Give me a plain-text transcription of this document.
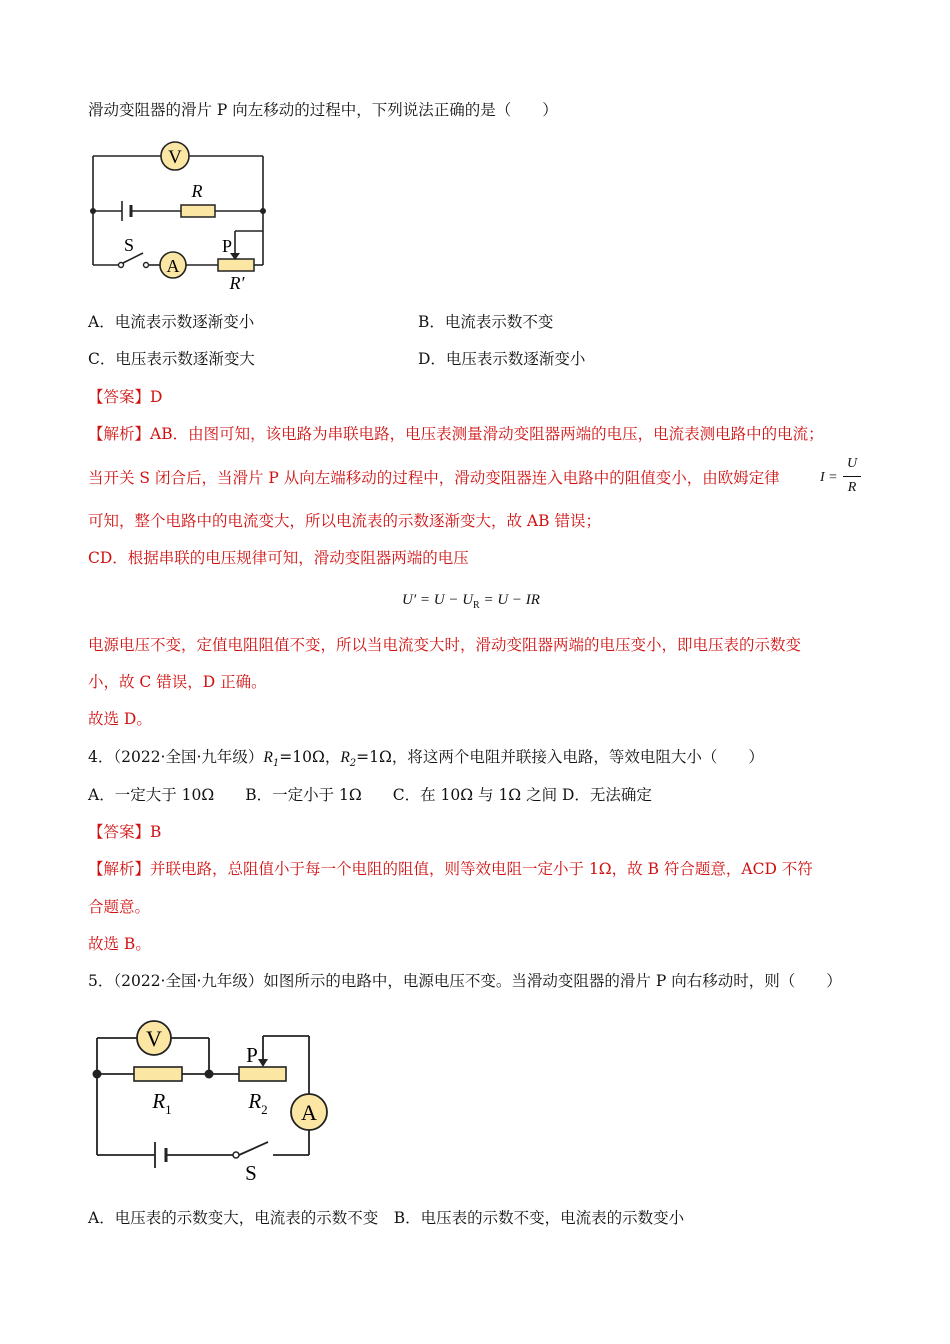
滑动变阻器的滑片 P 向左移动的过程中，下列说法正确的是（　　）
V
A
R
R′
S	P
A．电流表示数逐渐变小	B．电流表示数不变
C．电压表示数逐渐变大	D．电压表示数逐渐变小
【答案】D
【解析】AB．由图可知，该电路为串联电路，电压表测量滑动变阻器两端的电压，电流表测电路中的电流；
当开关 S 闭合后，当滑片 P 从向左端移动的过程中，滑动变阻器连入电路中的阻值变小，由欧姆定律	I =
U
R
可知，整个电路中的电流变大，所以电流表的示数逐渐变大，故 AB 错误；
CD．根据串联的电压规律可知，滑动变阻器两端的电压
$U' = U - U_R = U$ − IR
电源电压不变，定值电阻阻值不变，所以当电流变大时，滑动变阻器两端的电压变小，即电压表的示数变
小，故 C 错误，D 正确。
故选 D。
4．（2022·全国·九年级）$R_1=10\Omega$，$R_2=1\Omega$，将这两个电阻并联接入电路，等效电阻大小（　　）
A．一定大于 10Ω　　B．一定小于 1Ω　　C．在 10Ω 与 1Ω 之间 D．无法确定
【答案】B
【解析】并联电路，总阻值小于每一个电阻的阻值，则等效电阻一定小于 1Ω，故 B 符合题意，ACD 不符
合题意。
故选 B。
5．（2022·全国·九年级）如图所示的电路中，电源电压不变。当滑动变阻器的滑片 P 向右移动时，则（　　）
V
A
P
$R_1$	$R_2$
S
A．电压表的示数变大，电流表的示数不变　B．电压表的示数不变，电流表的示数变小
